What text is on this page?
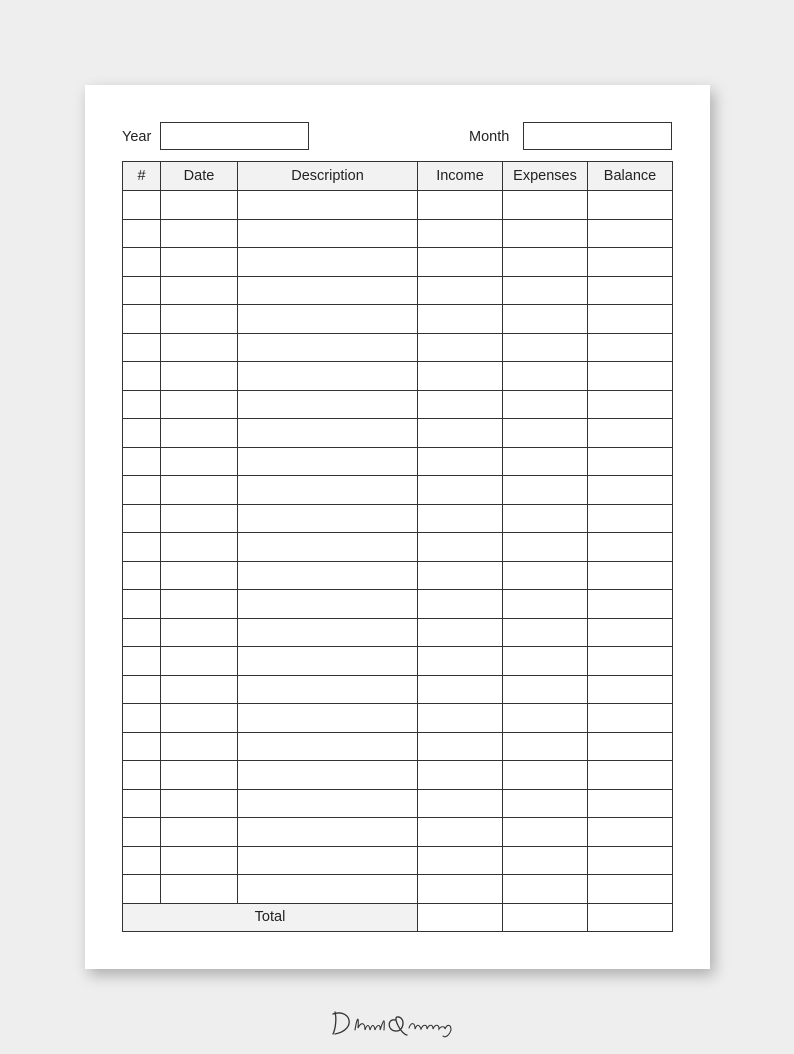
Year	Month
#	Date	Description	Income	Expenses	Balance

Total					
